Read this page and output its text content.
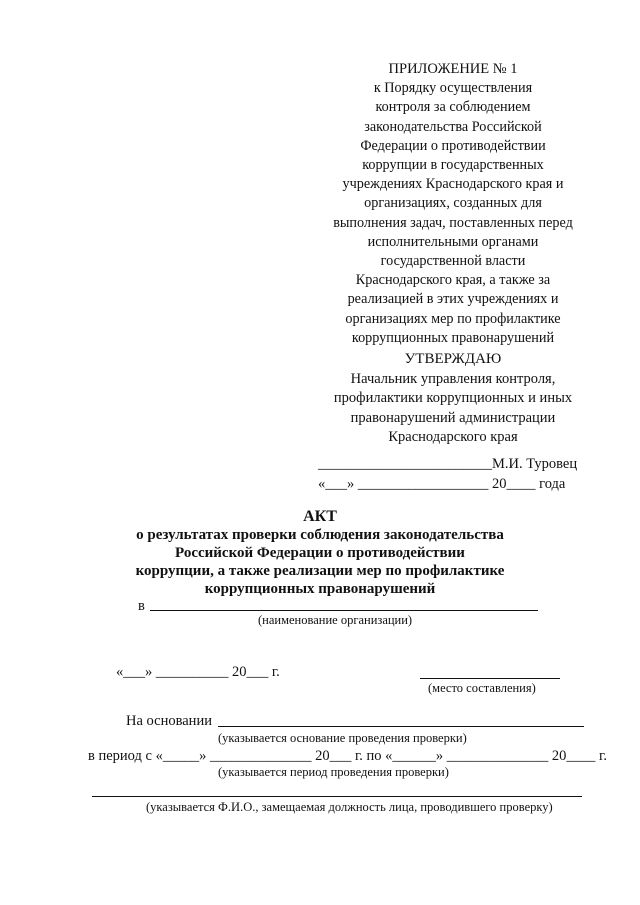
ПРИЛОЖЕНИЕ № 1
к Порядку осуществления
контроля за соблюдением
законодательства Российской
Федерации о противодействии
коррупции в государственных
учреждениях Краснодарского края и
организациях, созданных для
выполнения задач, поставленных перед
исполнительными органами
государственной власти
Краснодарского края, а также за
реализацией в этих учреждениях и
организациях мер по профилактике
коррупционных правонарушений
УТВЕРЖДАЮ
Начальник управления контроля,
профилактики коррупционных и иных
правонарушений администрации
Краснодарского края
________________________М.И. Туровец
«___» __________________ 20____ года
АКТ
о результатах проверки соблюдения законодательства
Российской Федерации о противодействии
коррупции, а также реализации мер по профилактике
коррупционных правонарушений
в
(наименование организации)
«___» __________ 20___ г.
(место составления)
На основании
(указывается основание проведения проверки)
в период с «_____» ______________ 20___ г. по «______» ______________ 20____ г.
(указывается период проведения проверки)
(указывается Ф.И.О., замещаемая должность лица, проводившего проверку)
